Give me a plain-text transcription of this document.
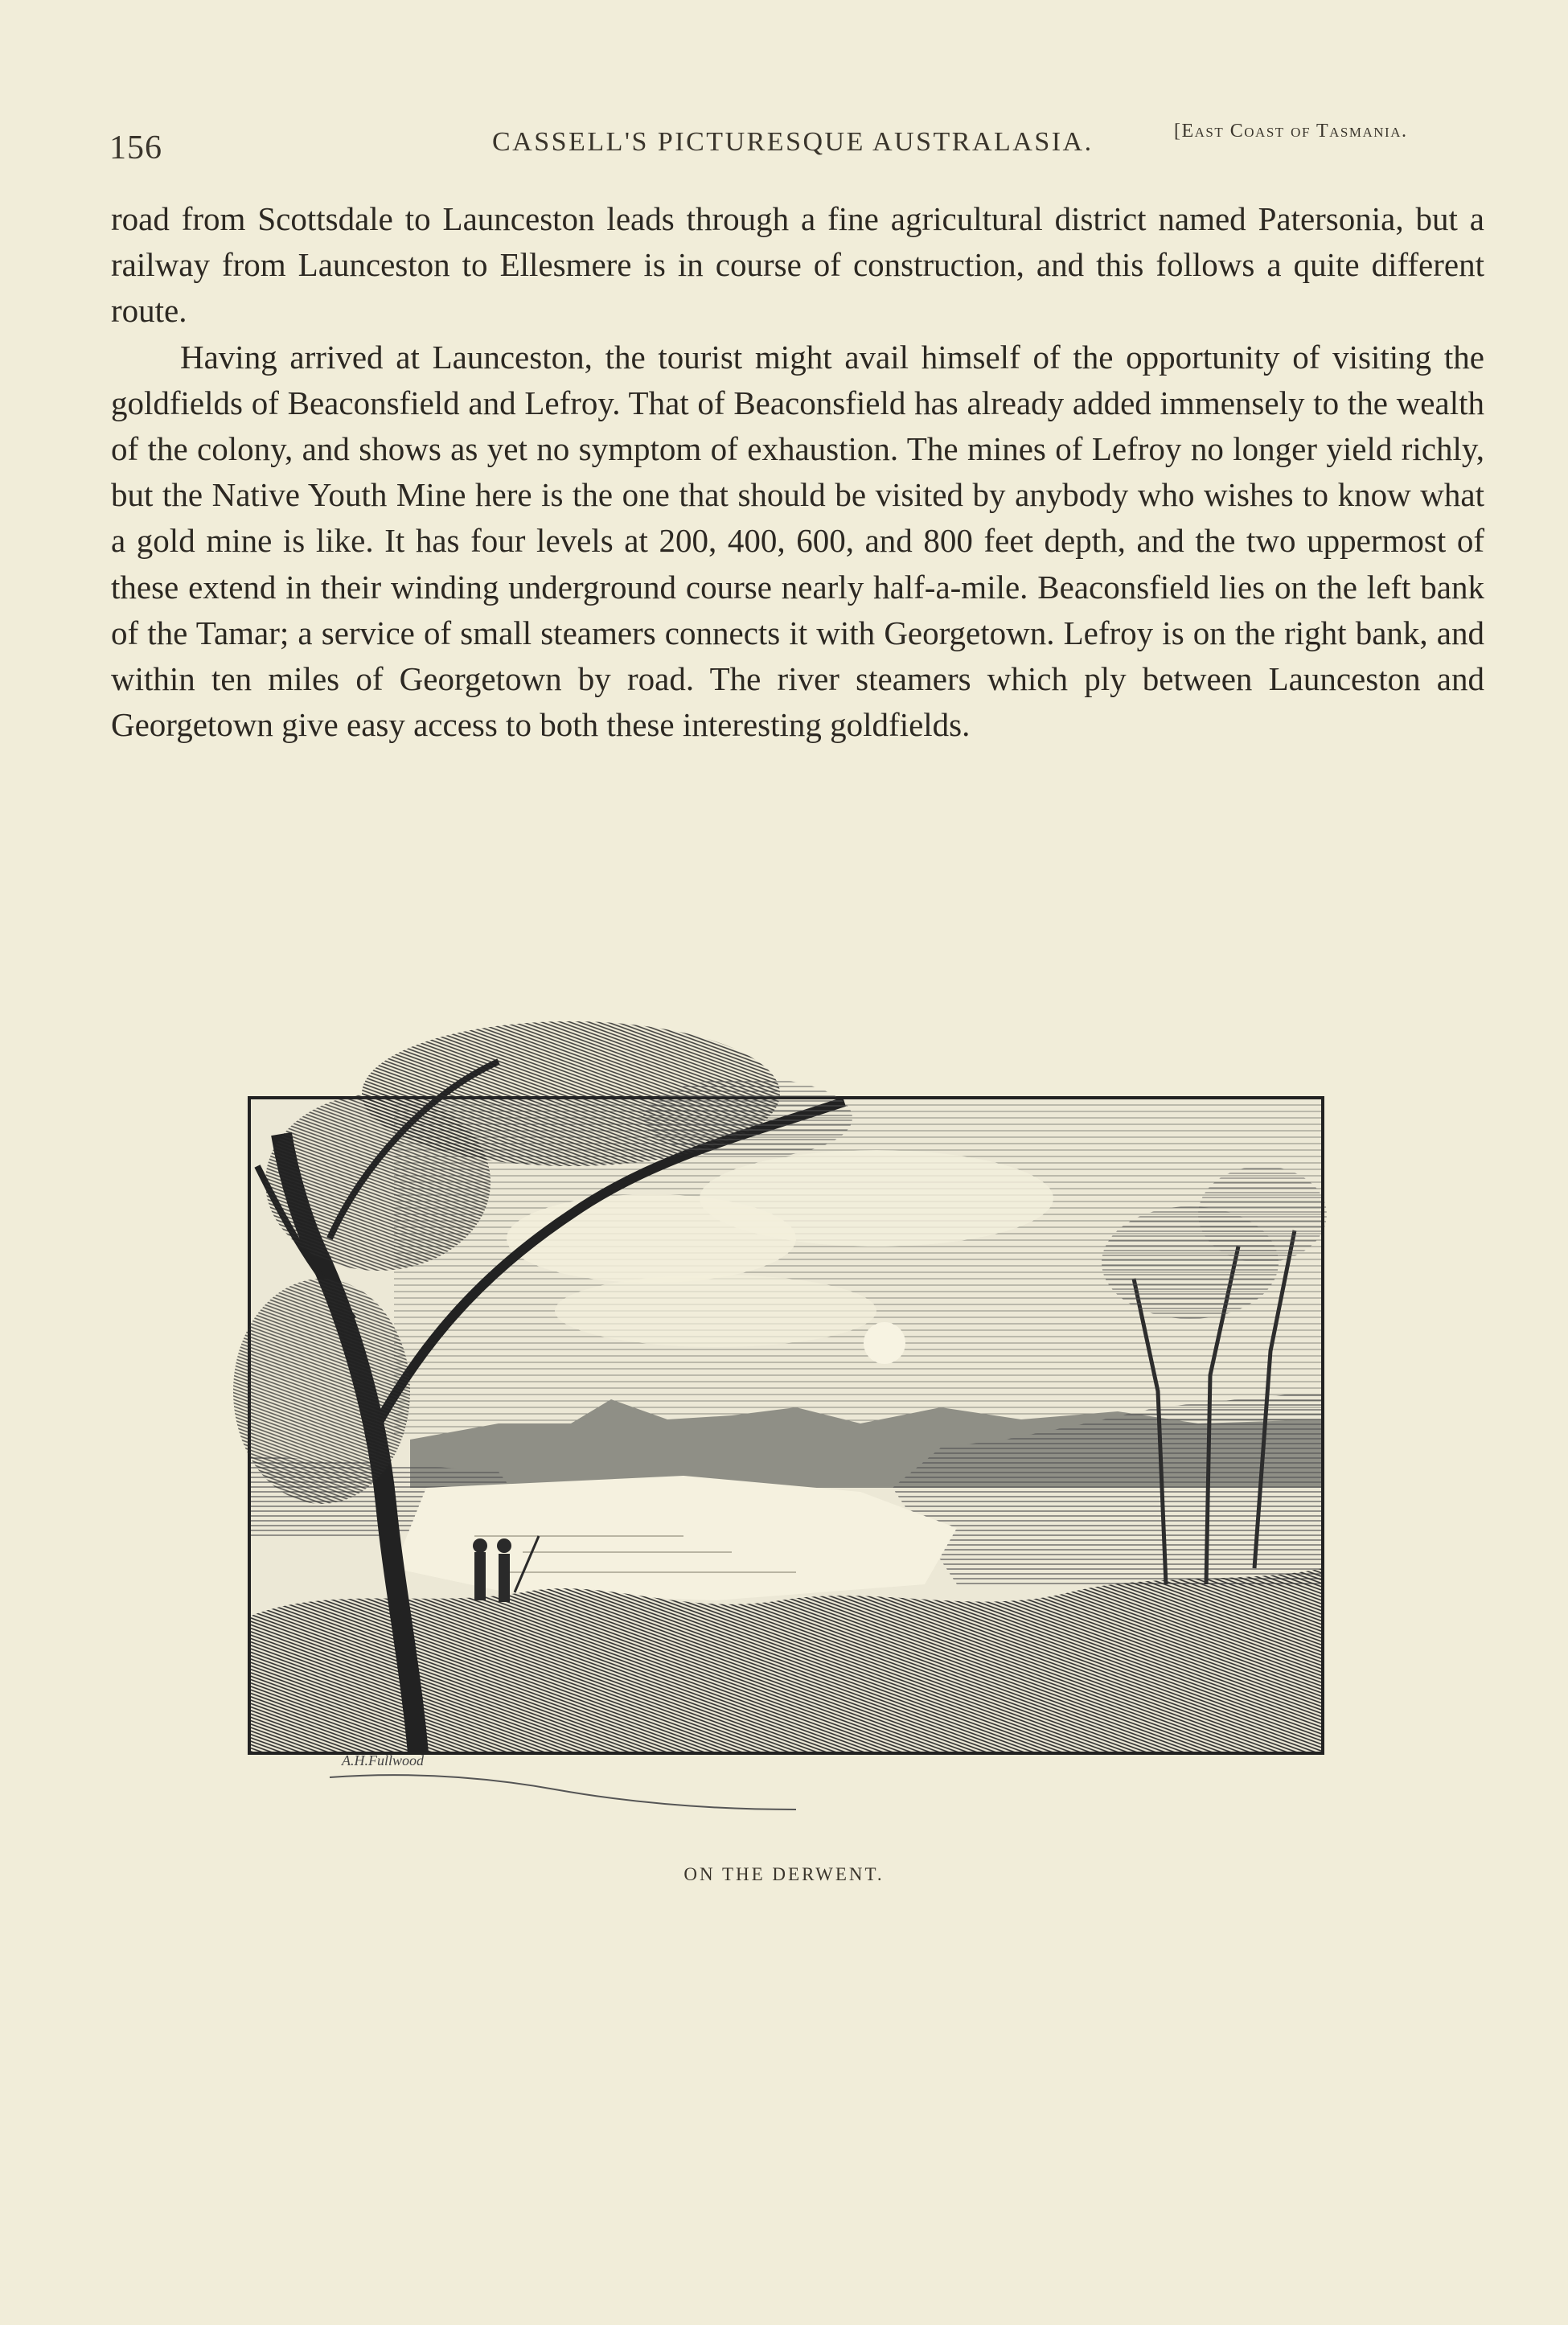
156	CASSELL'S PICTURESQUE AUSTRALASIA.	[East Coast of Tasmania.

road from Scottsdale to Launceston leads through a fine agricultural district named Patersonia, but a railway from Launceston to Ellesmere is in course of construction, and this follows a quite different route.

Having arrived at Launceston, the tourist might avail himself of the opportunity of visiting the goldfields of Beaconsfield and Lefroy. That of Beaconsfield has already added immensely to the wealth of the colony, and shows as yet no symptom of exhaustion. The mines of Lefroy no longer yield richly, but the Native Youth Mine here is the one that should be visited by anybody who wishes to know what a gold mine is like. It has four levels at 200, 400, 600, and 800 feet depth, and the two uppermost of these extend in their winding underground course nearly half-a-mile. Beaconsfield lies on the left bank of the Tamar; a service of small steamers connects it with Georgetown. Lefroy is on the right bank, and within ten miles of Georgetown by road. The river steamers which ply between Launceston and Georgetown give easy access to both these interesting goldfields.

A.H.Fullwood
ON THE DERWENT.
